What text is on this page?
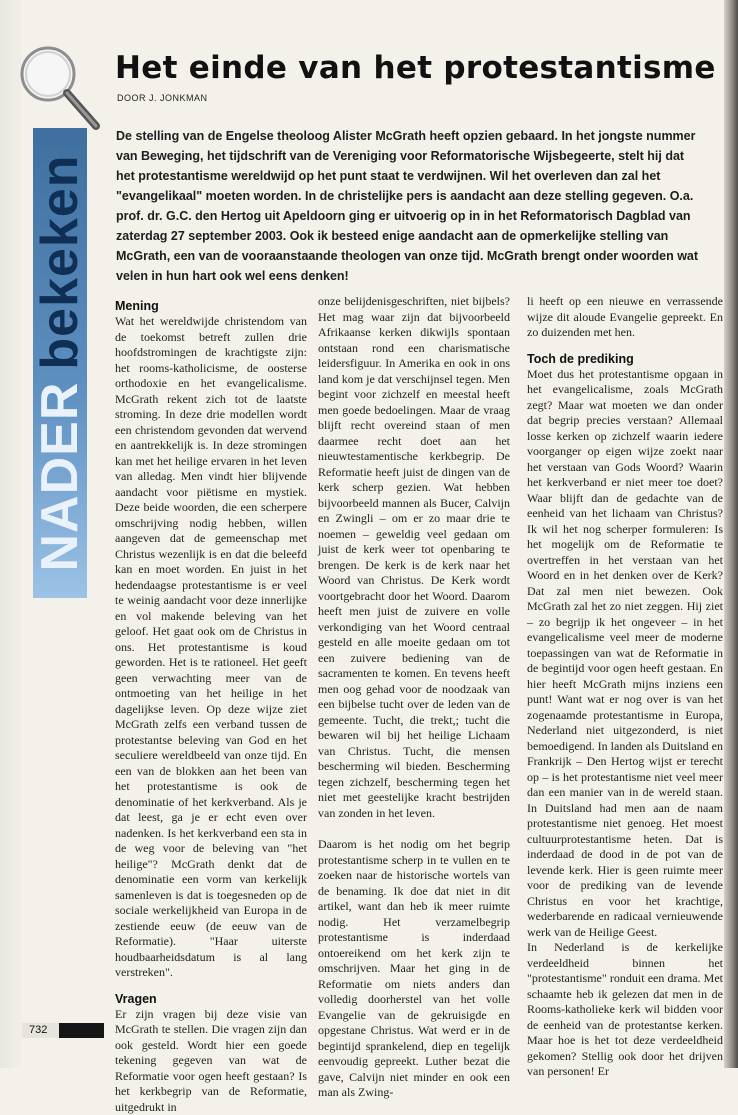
NADERbekeken
Het einde van het protestantisme
DOOR J. JONKMAN

De stelling van de Engelse theoloog Alister McGrath heeft opzien gebaard. In het jongste nummer van Beweging, het tijdschrift van de Vereniging voor Reformatorische Wijsbegeerte, stelt hij dat het protestantisme wereldwijd op het punt staat te verdwijnen. Wil het overleven dan zal het "evangelikaal" moeten worden. In de christelijke pers is aandacht aan deze stelling gegeven. O.a. prof. dr. G.C. den Hertog uit Apeldoorn ging er uitvoerig op in in het Reformatorisch Dagblad van zaterdag 27 september 2003. Ook ik besteed enige aandacht aan de opmerkelijke stelling van McGrath, een van de vooraanstaande theologen van onze tijd. McGrath brengt onder woorden wat velen in hun hart ook wel eens denken!

Mening

Wat het wereldwijde christendom van de toekomst betreft zullen drie hoofdstromingen de krachtigste zijn: het rooms-katholicisme, de oosterse orthodoxie en het evangelicalisme. McGrath rekent zich tot de laatste stroming. In deze drie modellen wordt een christendom gevonden dat wervend en aantrekkelijk is. In deze stromingen kan met het heilige ervaren in het leven van alledag. Men vindt hier blijvende aandacht voor piëtisme en mystiek. Deze beide woorden, die een scherpere omschrijving nodig hebben, willen aangeven dat de gemeenschap met Christus wezenlijk is en dat die beleefd kan en moet worden. En juist in het hedendaagse protestantisme is er veel te weinig aandacht voor deze innerlijke en vol makende beleving van het geloof. Het gaat ook om de Christus in ons. Het protestantisme is koud geworden. Het is te rationeel. Het geeft geen verwachting meer van de ontmoeting van het heilige in het dagelijkse leven. Op deze wijze ziet McGrath zelfs een verband tussen de protestantse beleving van God en het seculiere wereldbeeld van onze tijd. En een van de blokken aan het been van het protestantisme is ook de denominatie of het kerkverband. Als je dat leest, ga je er echt even over nadenken. Is het kerkverband een sta in de weg voor de beleving van "het heilige"? McGrath denkt dat de denominatie een vorm van kerkelijk samenleven is dat is toegesneden op de sociale werkelijkheid van Europa in de zestiende eeuw (de eeuw van de Reformatie). "Haar uiterste houdbaarheidsdatum is al lang verstreken".

Vragen

Er zijn vragen bij deze visie van McGrath te stellen. Die vragen zijn dan ook gesteld. Wordt hier een goede tekening gegeven van wat de Reformatie voor ogen heeft gestaan? Is het kerkbegrip van de Reformatie, uitgedrukt in

onze belijdenisgeschriften, niet bijbels? Het mag waar zijn dat bijvoorbeeld Afrikaanse kerken dikwijls spontaan ontstaan rond een charismatische leidersfiguur. In Amerika en ook in ons land kom je dat verschijnsel tegen. Men begint voor zichzelf en meestal heeft men goede bedoelingen. Maar de vraag blijft recht overeind staan of men daarmee recht doet aan het nieuwtestamentische kerkbegrip. De Reformatie heeft juist de dingen van de kerk scherp gezien. Wat hebben bijvoorbeeld mannen als Bucer, Calvijn en Zwingli – om er zo maar drie te noemen – geweldig veel gedaan om juist de kerk weer tot openbaring te brengen. De kerk is de kerk naar het Woord van Christus. De Kerk wordt voortgebracht door het Woord. Daarom heeft men juist de zuivere en volle verkondiging van het Woord centraal gesteld en alle moeite gedaan om tot een zuivere bediening van de sacramenten te komen. En tevens heeft men oog gehad voor de noodzaak van een bijbelse tucht over de leden van de gemeente. Tucht, die trekt,; tucht die bewaren wil bij het heilige Lichaam van Christus. Tucht, die mensen bescherming wil bieden. Bescherming tegen zichzelf, bescherming tegen het niet met geestelijke kracht bestrijden van zonden in het leven.

Daarom is het nodig om het begrip protestantisme scherp in te vullen en te zoeken naar de historische wortels van de benaming. Ik doe dat niet in dit artikel, want dan heb ik meer ruimte nodig. Het verzamelbegrip protestantisme is inderdaad ontoereikend om het kerk zijn te omschrijven. Maar het ging in de Reformatie om niets anders dan volledig doorherstel van het volle Evangelie van de gekruisigde en opgestane Christus. Wat werd er in de begintijd sprankelend, diep en tegelijk eenvoudig gepreekt. Luther bezat die gave, Calvijn niet minder en ook een man als Zwing-

li heeft op een nieuwe en verrassende wijze dit aloude Evangelie gepreekt. En zo duizenden met hen.

Toch de prediking

Moet dus het protestantisme opgaan in het evangelicalisme, zoals McGrath zegt? Maar wat moeten we dan onder dat begrip precies verstaan? Allemaal losse kerken op zichzelf waarin iedere voorganger op eigen wijze zoekt naar het verstaan van Gods Woord? Waarin het kerkverband er niet meer toe doet? Waar blijft dan de gedachte van de eenheid van het lichaam van Christus? Ik wil het nog scherper formuleren: Is het mogelijk om de Reformatie te overtreffen in het verstaan van het Woord en in het denken over de Kerk? Dat zal men niet bewezen. Ook McGrath zal het zo niet zeggen. Hij ziet – zo begrijp ik het ongeveer – in het evangelicalisme veel meer de moderne toepassingen van wat de Reformatie in de begintijd voor ogen heeft gestaan. En hier heeft McGrath mijns inziens een punt! Want wat er nog over is van het zogenaamde protestantisme in Europa, Nederland niet uitgezonderd, is niet bemoedigend. In landen als Duitsland en Frankrijk – Den Hertog wijst er terecht op – is het protestantisme niet veel meer dan een manier van in de wereld staan. In Duitsland had men aan de naam protestantisme niet genoeg. Het moest cultuurprotestantisme heten. Dat is inderdaad de dood in de pot van de levende kerk. Hier is geen ruimte meer voor de prediking van de levende Christus en voor het krachtige, wederbarende en radicaal vernieuwende werk van de Heilige Geest.

In Nederland is de kerkelijke verdeeldheid binnen het "protestantisme" ronduit een drama. Met schaamte heb ik gelezen dat men in de Rooms-katholieke kerk wil bidden voor de eenheid van de protestantse kerken. Maar hoe is het tot deze verdeeldheid gekomen? Stellig ook door het drijven van personen! Er

732
